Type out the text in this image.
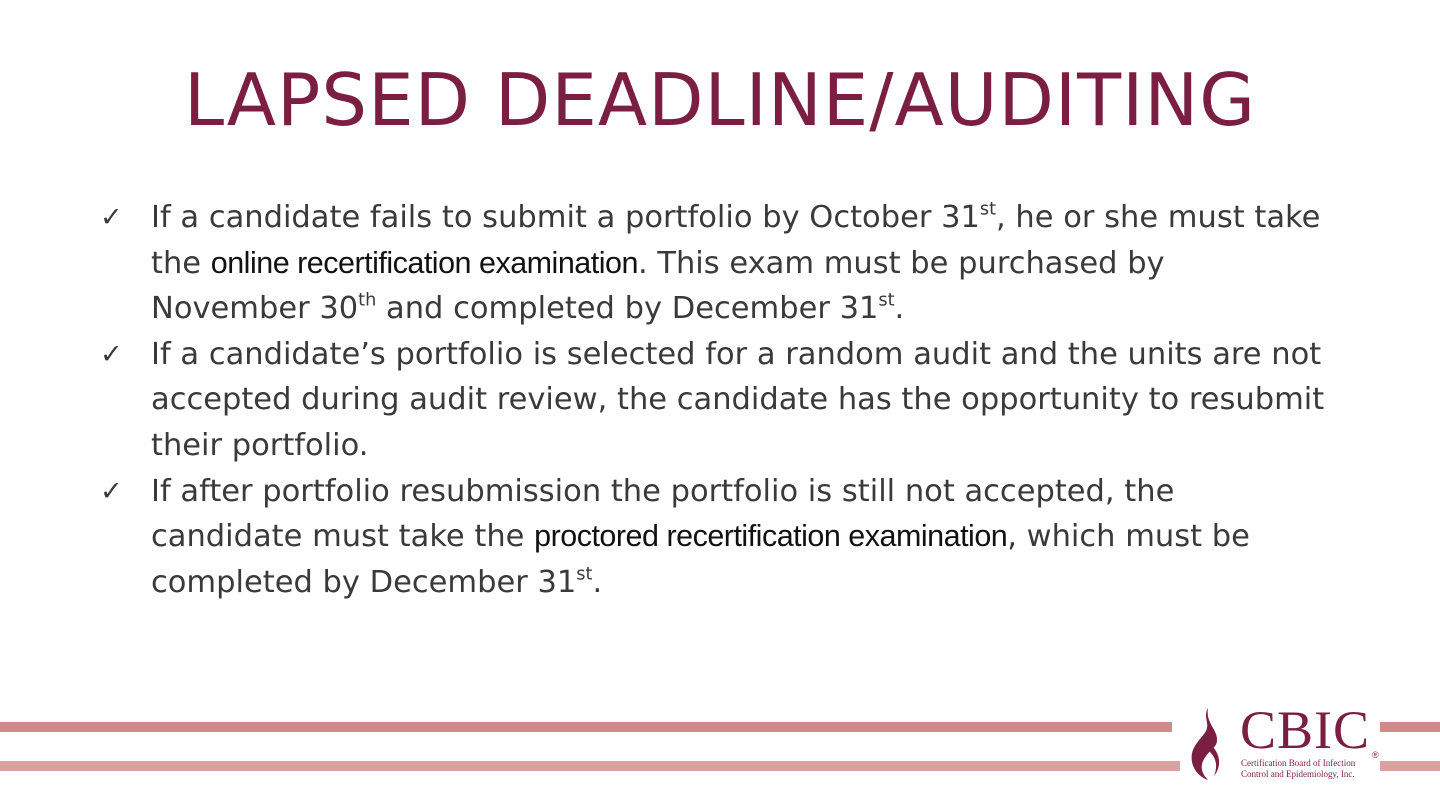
LAPSED DEADLINE/AUDITING
✓ If a candidate fails to submit a portfolio by October 31st, he or she must take the online recertification examination. This exam must be purchased by November 30th and completed by December 31st.
✓ If a candidate’s portfolio is selected for a random audit and the units are not accepted during audit review, the candidate has the opportunity to resubmit their portfolio.
✓ If after portfolio resubmission the portfolio is still not accepted, the candidate must take the proctored recertification examination, which must be completed by December 31st.
CBIC ®
Certification Board of Infection
Control and Epidemiology, Inc.
